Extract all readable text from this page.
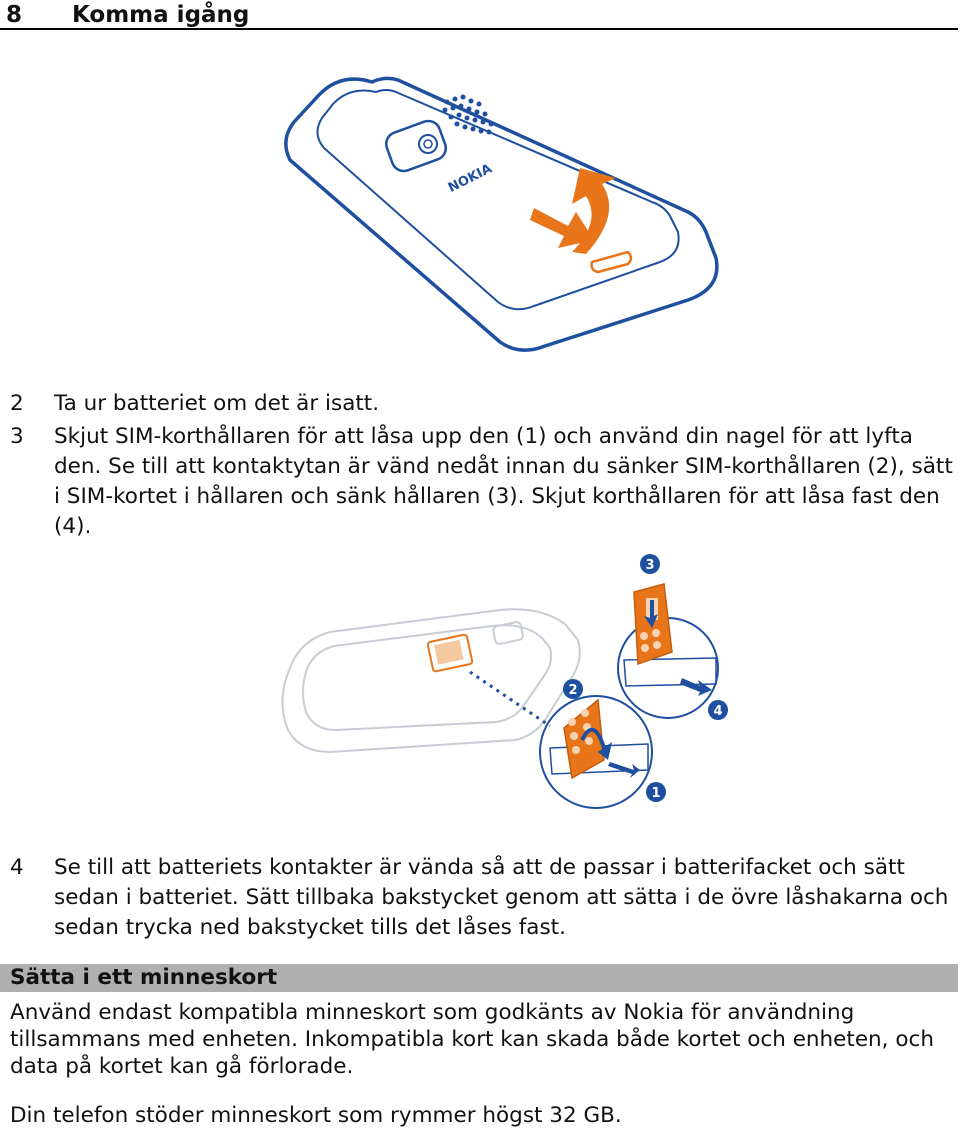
8 Komma igång
NOKIA
2 Ta ur batteriet om det är isatt.
3 Skjut SIM-korthållaren för att låsa upp den (1) och använd din nagel för att lyfta den. Se till att kontaktytan är vänd nedåt innan du sänker SIM-korthållaren (2), sätt i SIM-kortet i hållaren och sänk hållaren (3). Skjut korthållaren för att låsa fast den (4).
3
2
4
1
4 Se till att batteriets kontakter är vända så att de passar i batterifacket och sätt sedan i batteriet. Sätt tillbaka bakstycket genom att sätta i de övre låshakarna och sedan trycka ned bakstycket tills det låses fast.
Sätta i ett minneskort
Använd endast kompatibla minneskort som godkänts av Nokia för användning tillsammans med enheten. Inkompatibla kort kan skada både kortet och enheten, och data på kortet kan gå förlorade.
Din telefon stöder minneskort som rymmer högst 32 GB.
